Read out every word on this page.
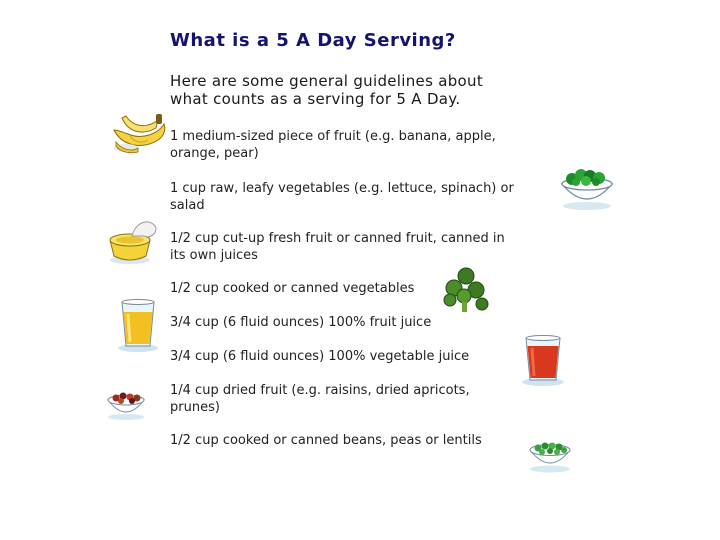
What is a 5 A Day Serving?
Here are some general guidelines about
what counts as a serving for 5 A Day.
1 medium-sized piece of fruit (e.g. banana, apple,
orange, pear)
1 cup raw, leafy vegetables (e.g. lettuce, spinach) or
salad
1/2 cup cut-up fresh fruit or canned fruit, canned in
its own juices
1/2 cup cooked or canned vegetables
3/4 cup (6 fluid ounces) 100% fruit juice
3/4 cup (6 fluid ounces) 100% vegetable juice
1/4 cup dried fruit (e.g. raisins, dried apricots,
prunes)
1/2 cup cooked or canned beans, peas or lentils
